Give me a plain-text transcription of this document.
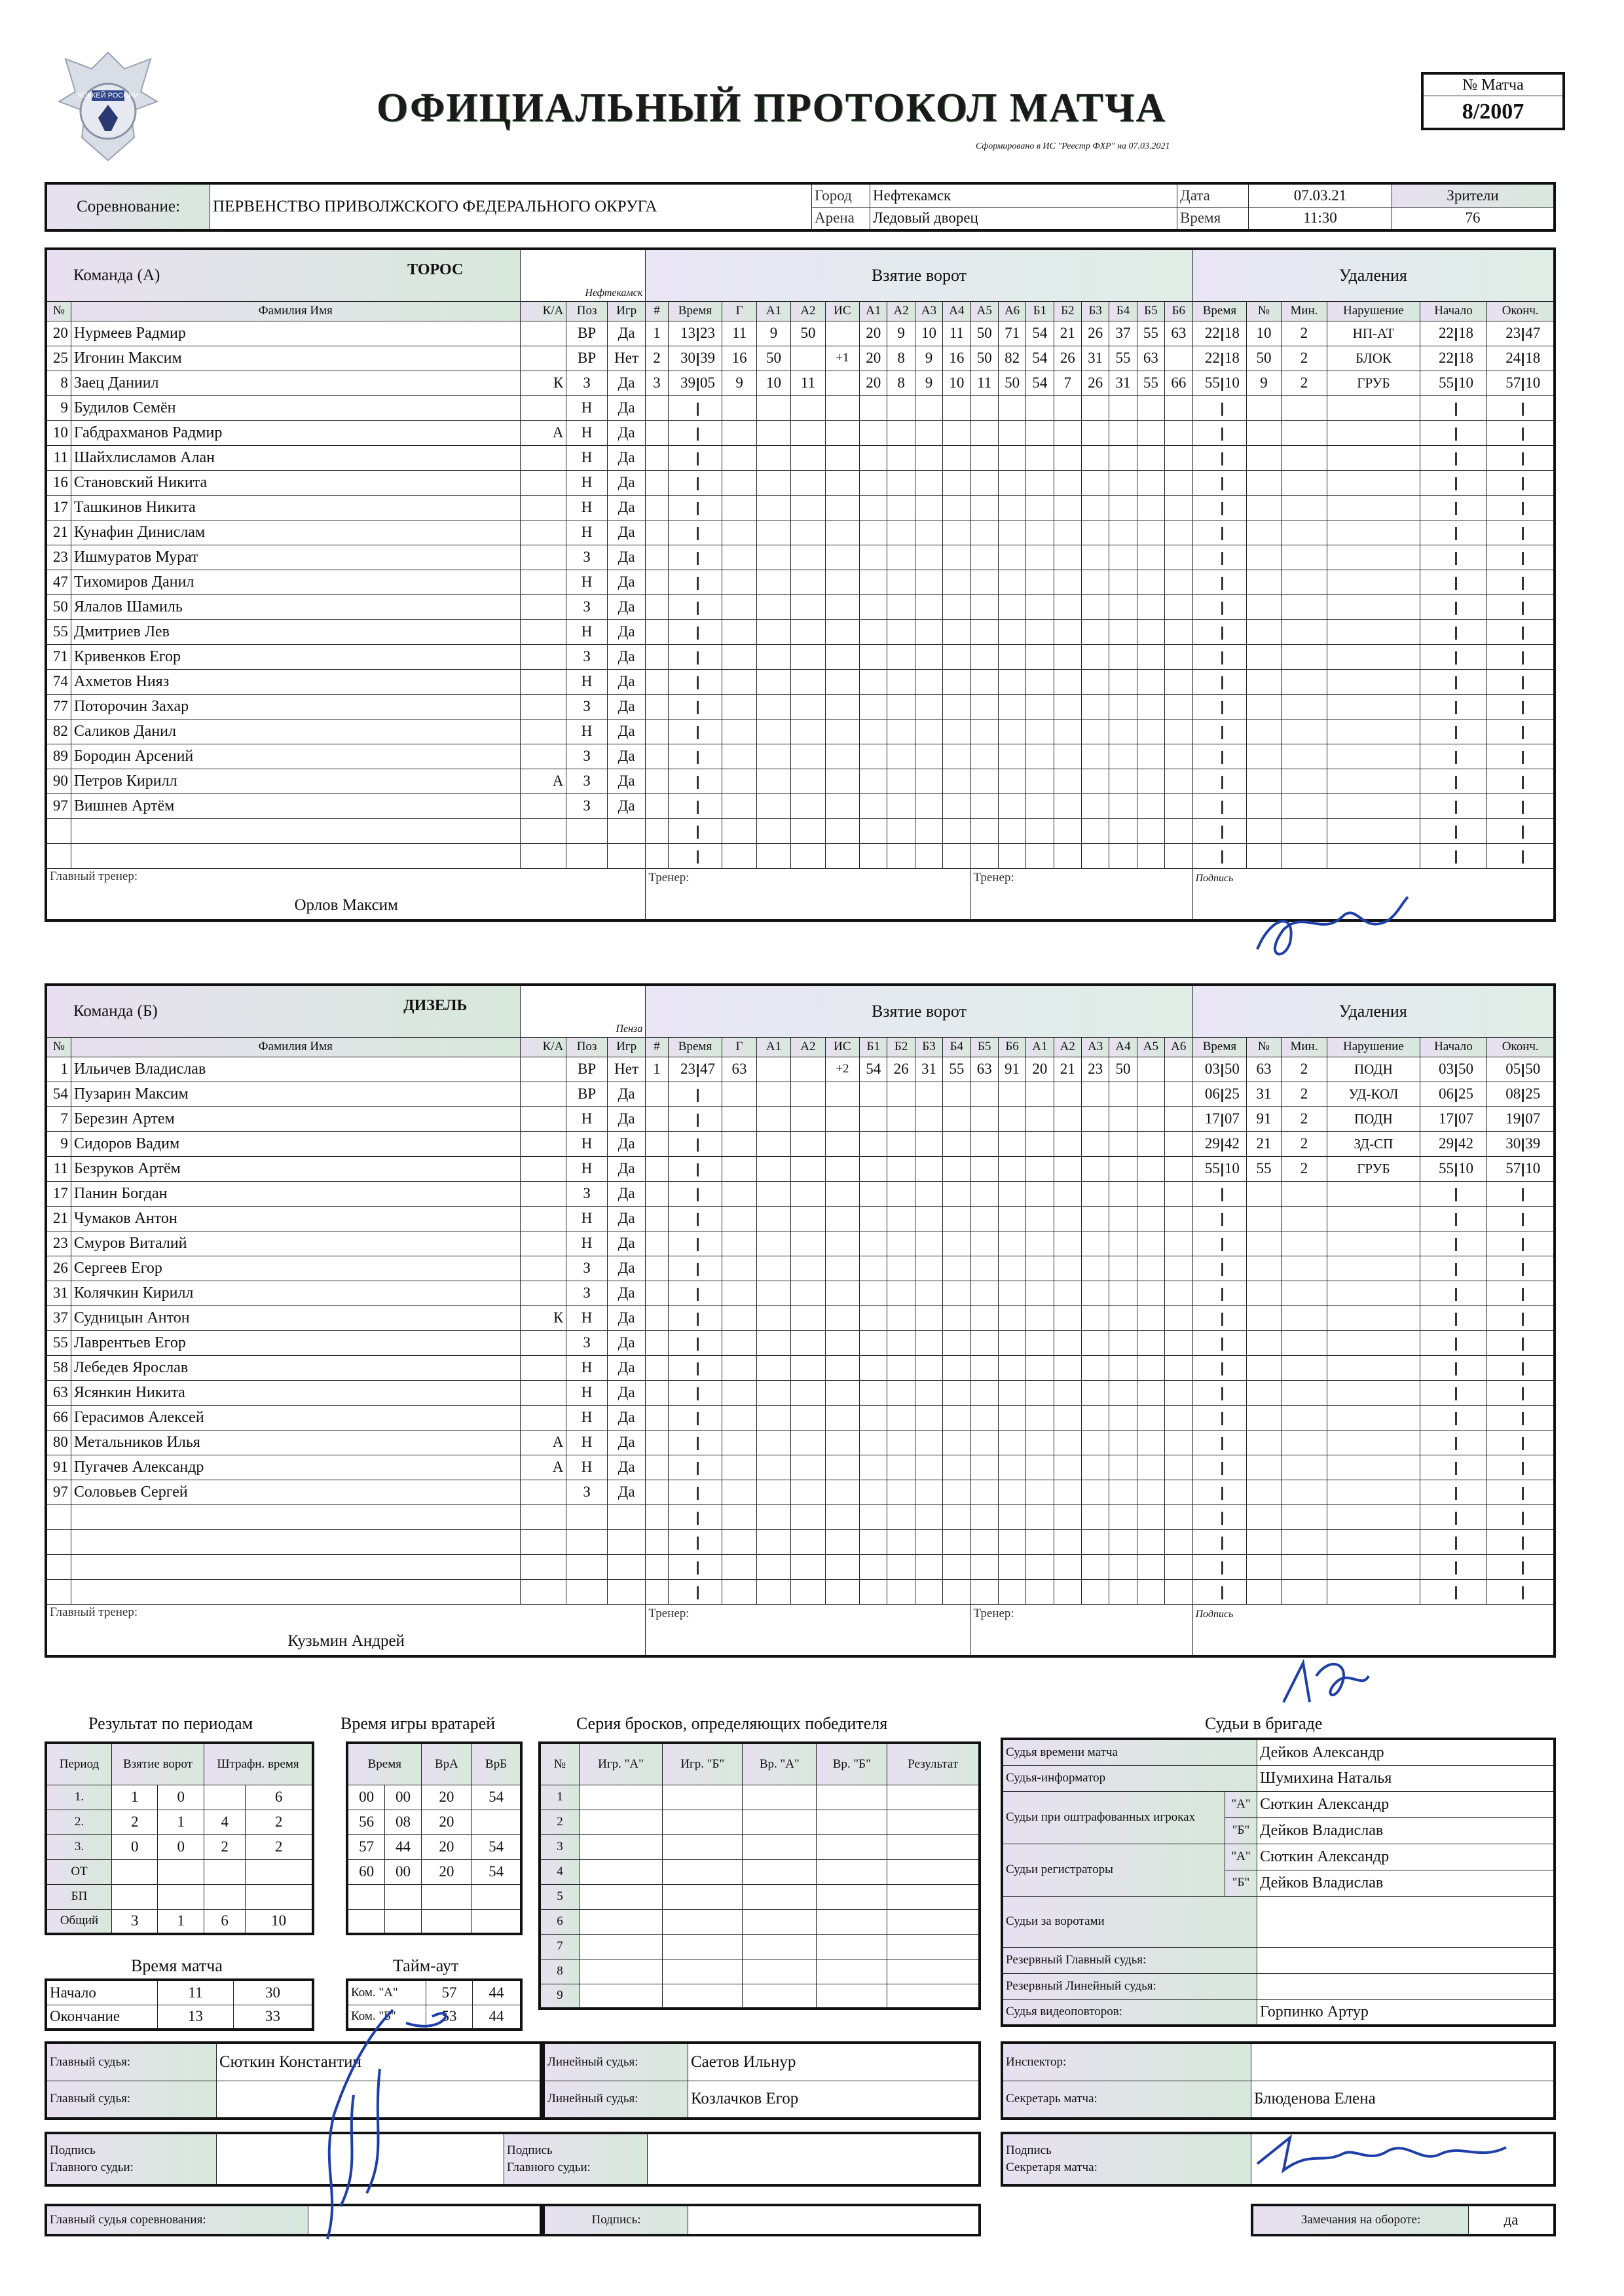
ХОККЕЙ РОССИИ	ОФИЦИАЛЬНЫЙ ПРОТОКОЛ МАТЧА
Сформировано в ИС "Реестр ФХР" на 07.03.2021
№ Матча
8/2007
Соревнование:	ПЕРВЕНСТВО ПРИВОЛЖСКОГО ФЕДЕРАЛЬНОГО ОКРУГА	Город	Нефтекамск	Дата	07.03.21	Зрители
		Арена	Ледовый дворец	Время	11:30	76
Команда (А)		ТОРОС
Нефтекамск			Взятие ворот																		Удаления					
№	Фамилия Имя	К/А	Поз	Игр	#	Время	Г	А1	А2	ИС	А1	А2	А3	А4	А5	А6	Б1	Б2	Б3	Б4	Б5	Б6	Время	№	Мин.	Нарушение	Начало	Оконч.
20	Нурмеев Радмир		ВР	Да	1	13 23	11	9	50		20	9	10	11	50	71	54	21	26	37	55	63	22 18	10	2	НП-АТ	22 18	23 47
25	Игонин Максим		ВР	Нет	2	30 39	16	50		+1	20	8	9	16	50	82	54	26	31	55	63		22 18	50	2	БЛОК	22 18	24 18
8	Заец Даниил	К	З	Да	3	39 05	9	10	11		20	8	9	10	11	50	54	7	26	31	55	66	55 10	9	2	ГРУБ	55 10	57 10
9	Будилов Семён		Н	Да																								
10	Габдрахманов Радмир	А	Н	Да																								
11	Шайхлисламов Алан		Н	Да																								
16	Становский Никита		Н	Да																								
17	Ташкинов Никита		Н	Да																								
21	Кунафин Динислам		Н	Да																								
23	Ишмуратов Мурат		З	Да																								
47	Тихомиров Данил		Н	Да																								
50	Ялалов Шамиль		З	Да																								
55	Дмитриев Лев		Н	Да																								
71	Кривенков Егор		З	Да																								
74	Ахметов Нияз		Н	Да																								
77	Поторочин Захар		З	Да																								
82	Саликов Данил		Н	Да																								
89	Бородин Арсений		З	Да																								
90	Петров Кирилл	А	З	Да																								
97	Вишнев Артём		З	Да																								

Главный тренер:
Орлов Максим					Тренер:										Тренер:								Подпись					
Команда (Б)		ДИЗЕЛЬ
Пенза			Взятие ворот																		Удаления					
№	Фамилия Имя	К/А	Поз	Игр	#	Время	Г	А1	А2	ИС	Б1	Б2	Б3	Б4	Б5	Б6	А1	А2	А3	А4	А5	А6	Время	№	Мин.	Нарушение	Начало	Оконч.
1	Ильичев Владислав		ВР	Нет	1	23 47	63			+2	54	26	31	55	63	91	20	21	23	50			03 50	63	2	ПОДН	03 50	05 50
54	Пузарин Максим		ВР	Да																			06 25	31	2	УД-КОЛ	06 25	08 25
7	Березин Артем		Н	Да																			17 07	91	2	ПОДН	17 07	19 07
9	Сидоров Вадим		Н	Да																			29 42	21	2	ЗД-СП	29 42	30 39
11	Безруков Артём		Н	Да																			55 10	55	2	ГРУБ	55 10	57 10
17	Панин Богдан		З	Да																								
21	Чумаков Антон		Н	Да																								
23	Смуров Виталий		Н	Да																								
26	Сергеев Егор		З	Да																								
31	Колячкин Кирилл		З	Да																								
37	Судницын Антон	К	Н	Да																								
55	Лаврентьев Егор		З	Да																								
58	Лебедев Ярослав		Н	Да																								
63	Ясянкин Никита		Н	Да																								
66	Герасимов Алексей		Н	Да																								
80	Метальников Илья	А	Н	Да																								
91	Пугачев Александр	А	Н	Да																								
97	Соловьев Сергей		З	Да																								

Главный тренер:
Кузьмин Андрей					Тренер:										Тренер:								Подпись					
Результат по периодам
Период	Взятие ворот		Штрафн. время	
1.	1	0		6
2.	2	1	4	2
3.	0	0	2	2
ОТ				
БП				
Общий	3	1	6	10
Время матча
Начало	11	30
Окончание	13	33
Время игры вратарей
Время		ВрА	ВрБ
00	00	20	54
56	08	20	
57	44	20	54
60	00	20	54

Тайм-аут
Ком. "А"	57	44
Ком. "Б"	53	44
Серия бросков, определяющих победителя
№	Игр. "А"	Игр. "Б"	Вр. "А"	Вр. "Б"	Результат
1					
2					
3					
4					
5					
6					
7					
8					
9					
Судьи в бригаде
Судья времени матча		Дейков Александр
Судья-информатор		Шумихина Наталья
Судьи при оштрафованных игроках	"А"	Сюткин Александр
	"Б"	Дейков Владислав
Судьи регистраторы	"А"	Сюткин Александр
	"Б"	Дейков Владислав
Судьи за воротами		
Резервный Главный судья:		
Резервный Линейный судья:		
Судья видеоповторов:		Горпинко Артур
Главный судья:	Сюткин Константин
Главный судья:	
Линейный судья:	Саетов Ильнур
Линейный судья:	Козлачков Егор
Инспектор:	
Секретарь матча:	Блюденова Елена
Подпись
Главного судьи:		Подпись
Главного судьи:	
Подпись
Секретаря матча:	
Главный судья соревнования:		Подпись:		Замечания на обороте:	да
